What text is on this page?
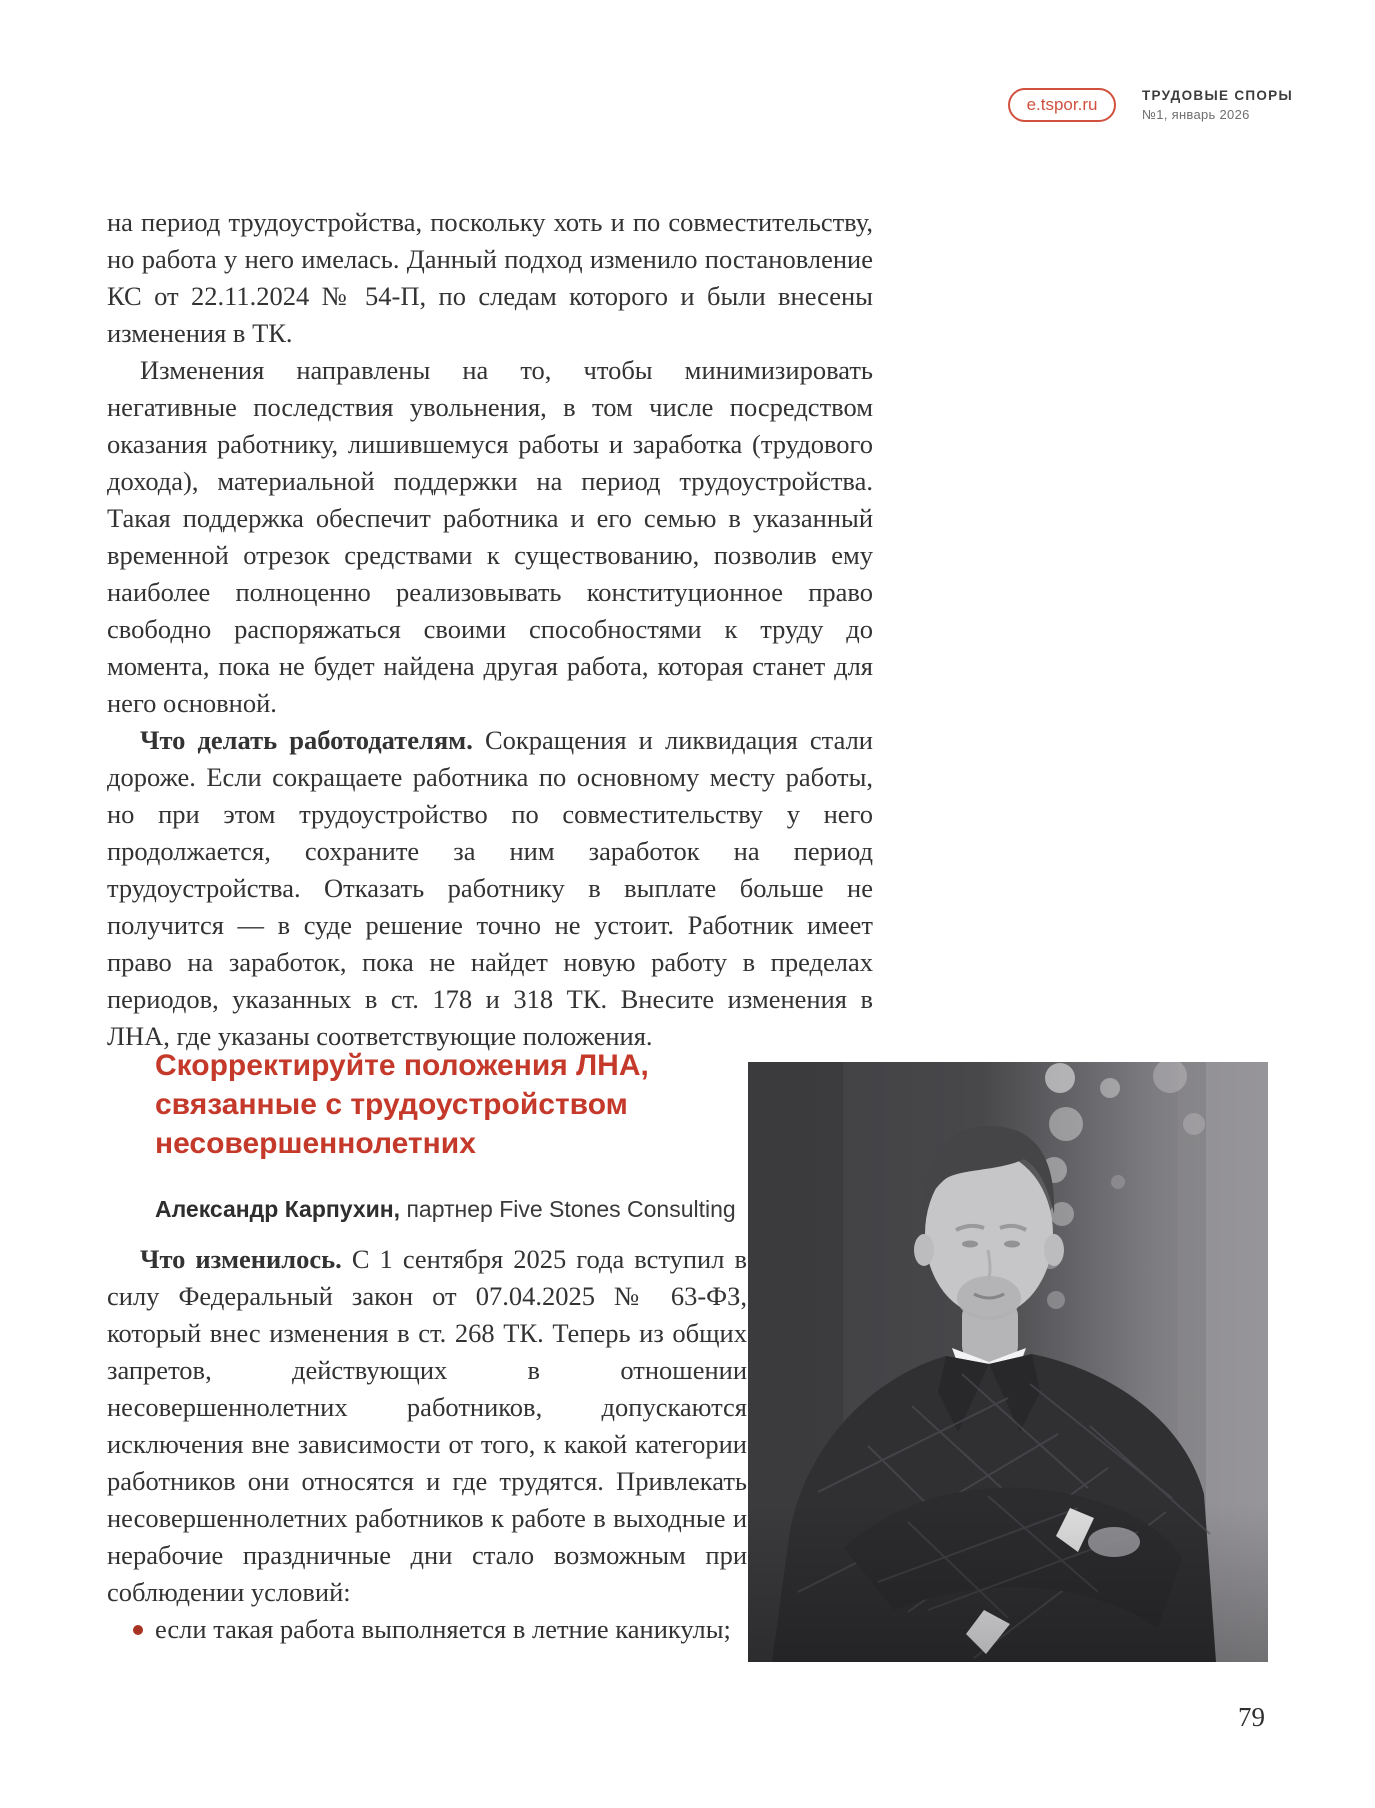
e.tspor.ru	ТРУДОВЫЕ СПОРЫ
№1, январь 2026

на период трудоустройства, поскольку хоть и по совместительству, но работа у него имелась. Данный подход изменило постановление КС от 22.11.2024 № 54-П, по следам которого и были внесены изменения в ТК.

Изменения направлены на то, чтобы минимизировать негативные последствия увольнения, в том числе посредством оказания работнику, лишившемуся работы и заработка (трудового дохода), материальной поддержки на период трудоустройства. Такая поддержка обеспечит работника и его семью в указанный временной отрезок средствами к существованию, позволив ему наиболее полноценно реализовывать конституционное право свободно распоряжаться своими способностями к труду до момента, пока не будет найдена другая работа, которая станет для него основной.

Что делать работодателям. Сокращения и ликвидация стали дороже. Если сокращаете работника по основному месту работы, но при этом трудоустройство по совместительству у него продолжается, сохраните за ним заработок на период трудоустройства. Отказать работнику в выплате больше не получится — в суде решение точно не устоит. Работник имеет право на заработок, пока не найдет новую работу в пределах периодов, указанных в ст. 178 и 318 ТК. Внесите изменения в ЛНА, где указаны соответствующие положения.

Скорректируйте положения ЛНА,
связанные с трудоустройством
несовершеннолетних
Александр Карпухин, партнер Five Stones Consulting

Что изменилось. С 1 сентября 2025 года вступил в силу Федеральный закон от 07.04.2025 № 63-ФЗ, который внес изменения в ст. 268 ТК. Теперь из общих запретов, действующих в отношении несовершеннолетних работников, допускаются исключения вне зависимости от того, к какой категории работников они относятся и где трудятся. Привлекать несовершеннолетних работников к работе в выходные и нерабочие праздничные дни стало возможным при соблюдении условий:

если такая работа выполняется в летние каникулы;
79
